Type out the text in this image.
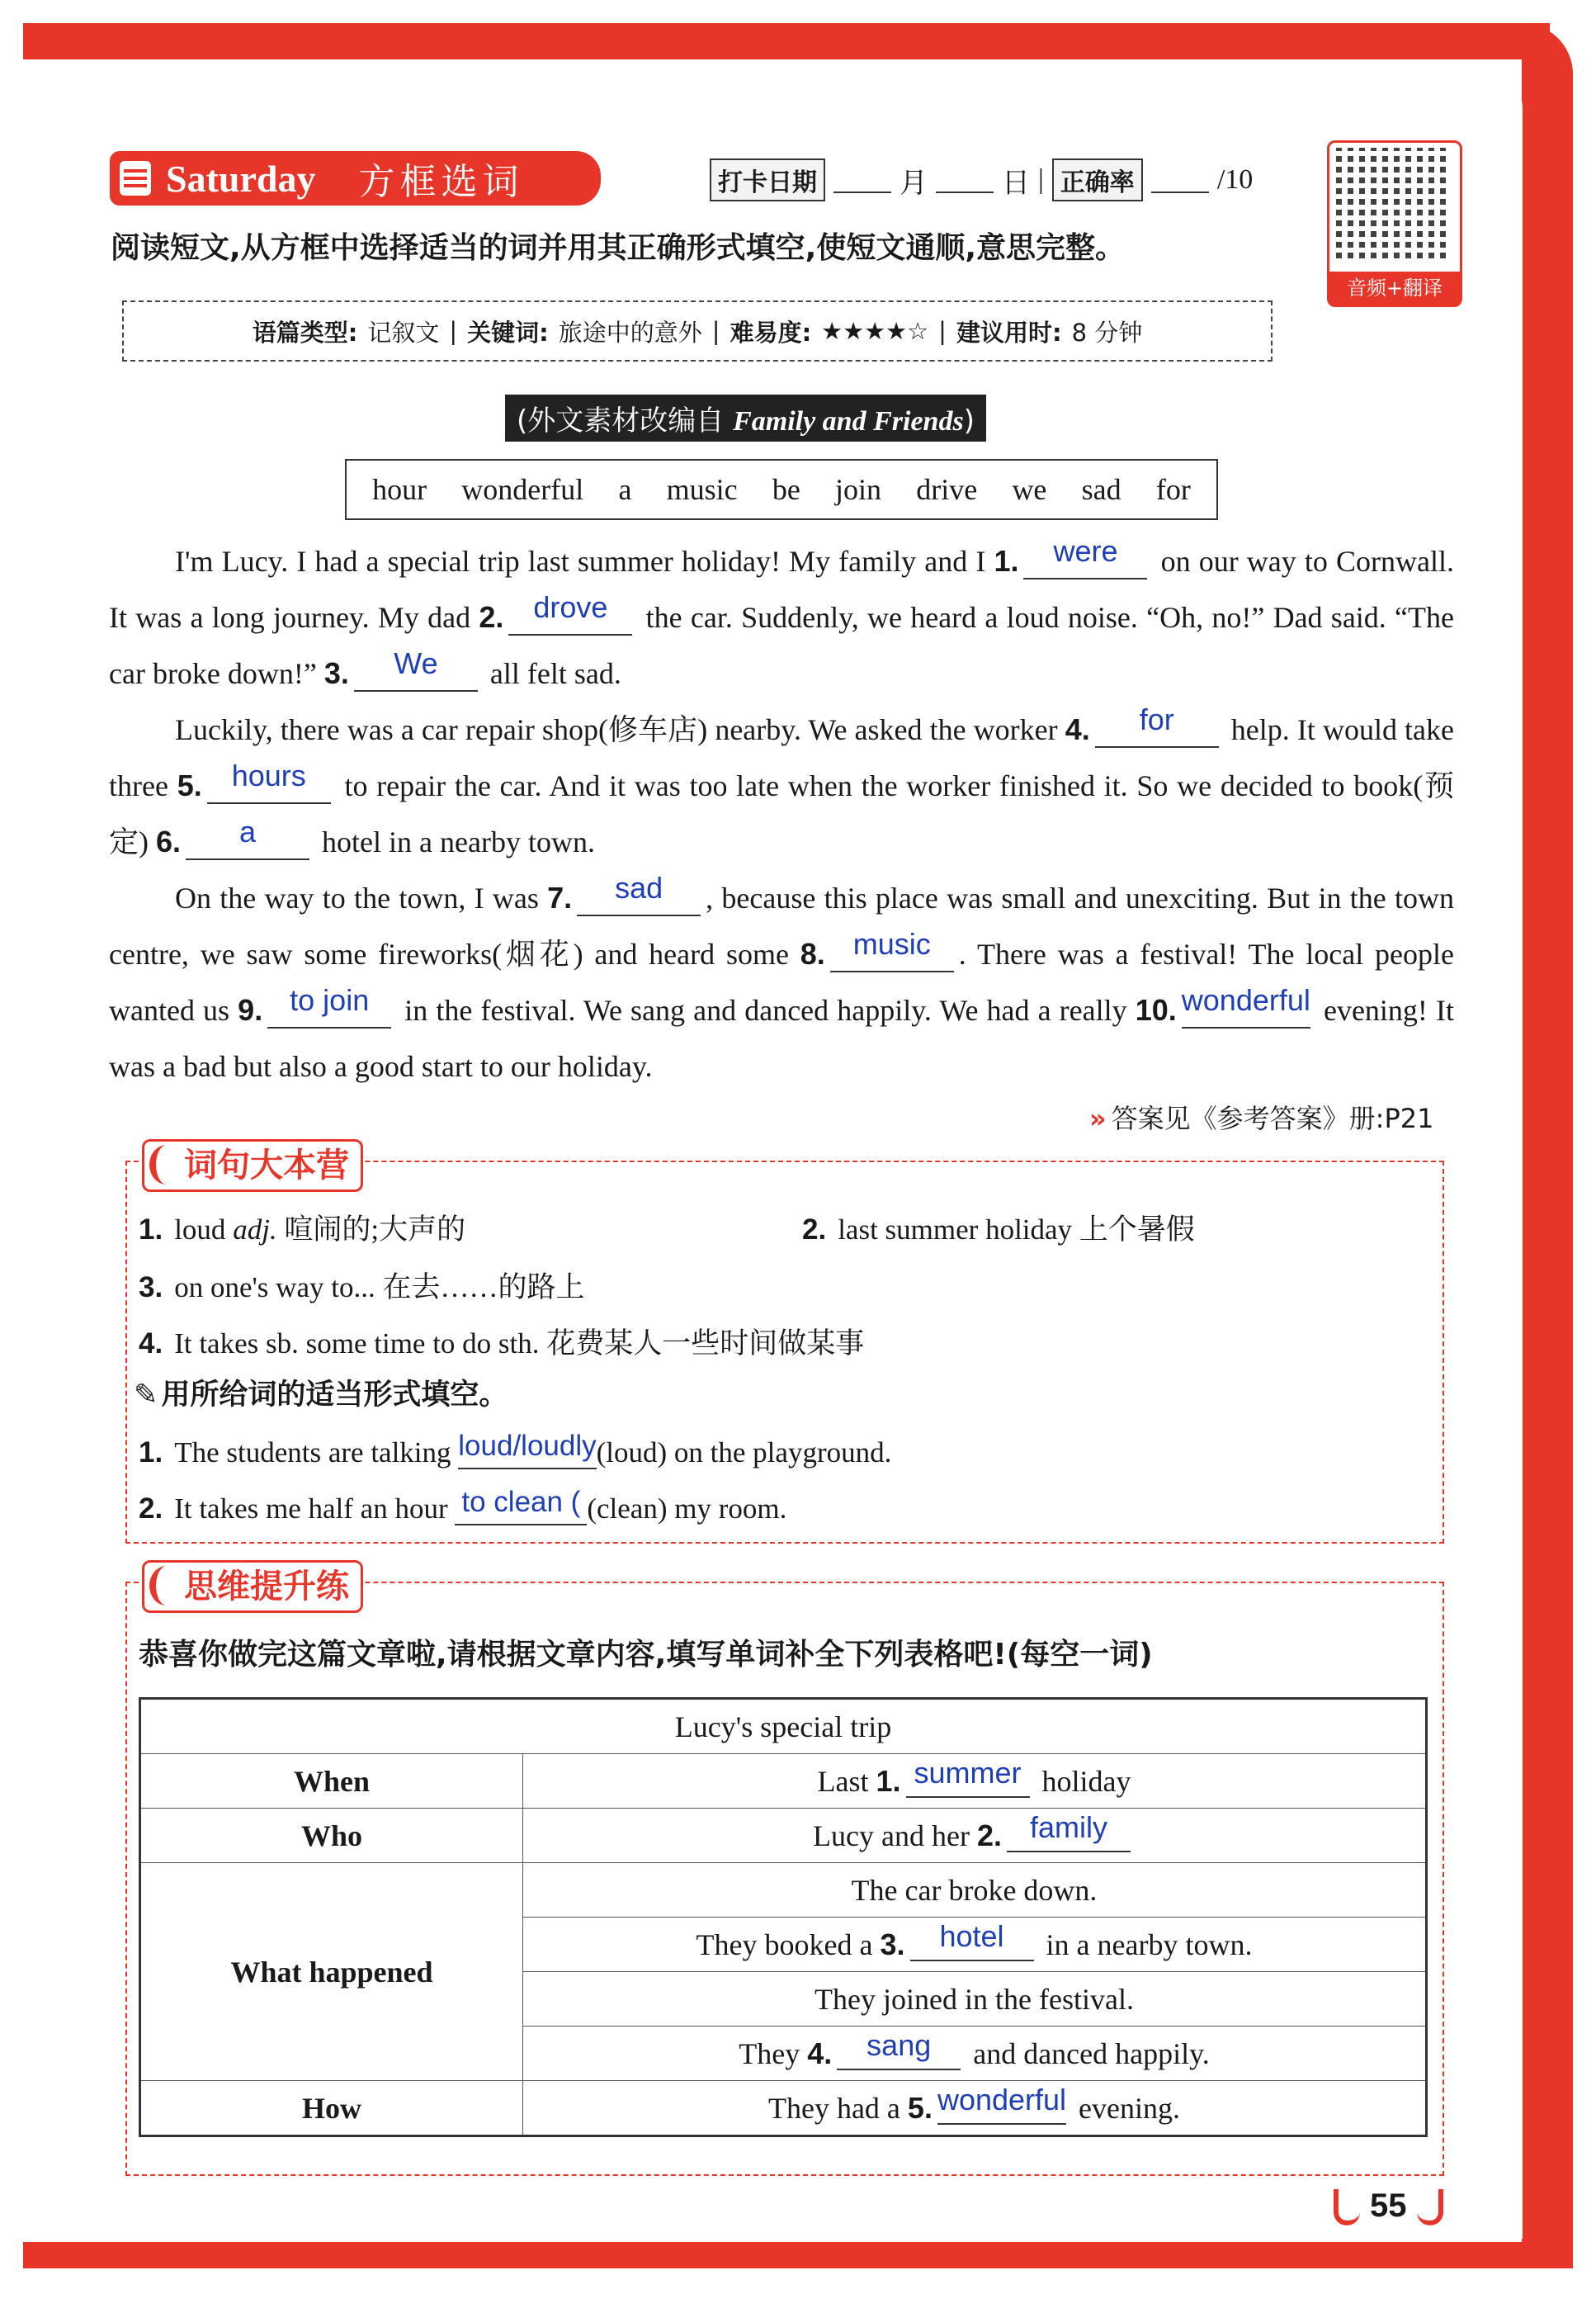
Saturday 方框选词	打卡日期	月	日 | 正确率	/10
音频+翻译
阅读短文,从方框中选择适当的词并用其正确形式填空,使短文通顺,意思完整。
语篇类型: 记叙文 | 关键词: 旅途中的意外 | 难易度: ★★★★☆ | 建议用时: 8 分钟
(外文素材改编自 Family and Friends)
hour wonderful a music be join drive we sad for

I'm Lucy. I had a special trip last summer holiday! My family and I 1. were on our way to Cornwall. It was a long journey. My dad 2. drove the car. Suddenly, we heard a loud noise. “Oh, no!” Dad said. “The car broke down!” 3. We all felt sad.

Luckily, there was a car repair shop(修车店) nearby. We asked the worker 4. for help. It would take three 5. hours to repair the car. And it was too late when the worker finished it. So we decided to book(预定) 6. a hotel in a nearby town.

On the way to the town, I was 7. sad , because this place was small and unexciting. But in the town centre, we saw some fireworks(烟花) and heard some 8. music . There was a festival! The local people wanted us 9. to join in the festival. We sang and danced happily. We had a really 10. wonderful evening! It was a bad but also a good start to our holiday.

» 答案见《参考答案》册:P21
词句大本营
1. loud adj. 喧闹的;大声的	2. last summer holiday 上个暑假
3. on one's way to... 在去……的路上
4. It takes sb. some time to do sth. 花费某人一些时间做某事
✎ 用所给词的适当形式填空。
1. The students are talking loud/loudly(loud) on the playground.
2. It takes me half an hour to clean ( (clean) my room.
思维提升练
恭喜你做完这篇文章啦,请根据文章内容,填写单词补全下列表格吧!(每空一词)
Lucy's special trip	
When	Last 1. summer holiday
Who	Lucy and her 2. family
What happened	The car broke down.
	They booked a 3. hotel in a nearby town.
	They joined in the festival.
	They 4. sang and danced happily.
How	They had a 5. wonderful evening.
55
